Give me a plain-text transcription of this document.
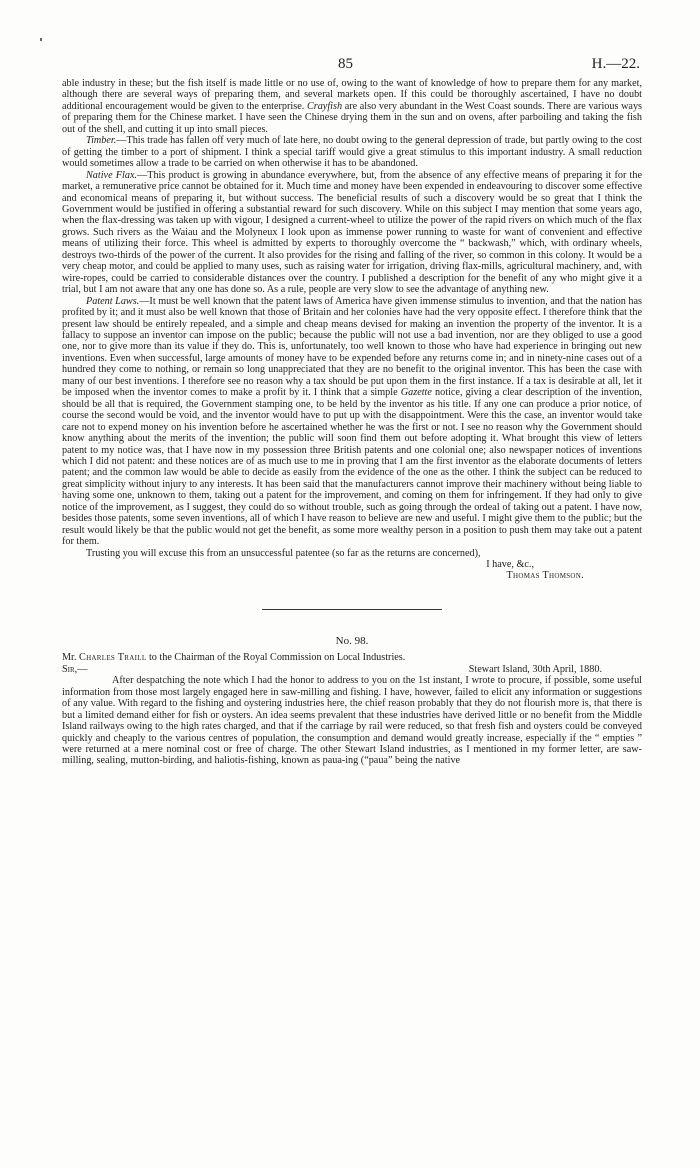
85	H.—22.

able industry in these; but the fish itself is made little or no use of, owing to the want of knowledge of how to prepare them for any market, although there are several ways of preparing them, and several markets open. If this could be thoroughly ascertained, I have no doubt additional encouragement would be given to the enterprise. Crayfish are also very abundant in the West Coast sounds. There are various ways of preparing them for the Chinese market. I have seen the Chinese drying them in the sun and on ovens, after parboiling and taking the fish out of the shell, and cutting it up into small pieces.

Timber.—This trade has fallen off very much of late here, no doubt owing to the general depression of trade, but partly owing to the cost of getting the timber to a port of shipment. I think a special tariff would give a great stimulus to this important industry. A small reduction would sometimes allow a trade to be carried on when otherwise it has to be abandoned.

Native Flax.—This product is growing in abundance everywhere, but, from the absence of any effective means of preparing it for the market, a remunerative price cannot be obtained for it. Much time and money have been expended in endeavouring to discover some effective and economical means of preparing it, but without success. The beneficial results of such a discovery would be so great that I think the Government would be justified in offering a substantial reward for such discovery. While on this subject I may mention that some years ago, when the flax-dressing was taken up with vigour, I designed a current-wheel to utilize the power of the rapid rivers on which much of the flax grows. Such rivers as the Waiau and the Molyneux I look upon as immense power running to waste for want of convenient and effective means of utilizing their force. This wheel is admitted by experts to thoroughly overcome the “ backwash,” which, with ordinary wheels, destroys two-thirds of the power of the current. It also provides for the rising and falling of the river, so common in this colony. It would be a very cheap motor, and could be applied to many uses, such as raising water for irrigation, driving flax-mills, agricultural machinery, and, with wire-ropes, could be carried to considerable distances over the country. I published a description for the benefit of any who might give it a trial, but I am not aware that any one has done so. As a rule, people are very slow to see the advantage of anything new.

Patent Laws.—It must be well known that the patent laws of America have given immense stimulus to invention, and that the nation has profited by it; and it must also be well known that those of Britain and her colonies have had the very opposite effect. I therefore think that the present law should be entirely repealed, and a simple and cheap means devised for making an invention the property of the inventor. It is a fallacy to suppose an inventor can impose on the public; because the public will not use a bad invention, nor are they obliged to use a good one, nor to give more than its value if they do. This is, unfortunately, too well known to those who have had experience in bringing out new inventions. Even when successful, large amounts of money have to be expended before any returns come in; and in ninety-nine cases out of a hundred they come to nothing, or remain so long unappreciated that they are no benefit to the original inventor. This has been the case with many of our best inventions. I therefore see no reason why a tax should be put upon them in the first instance. If a tax is desirable at all, let it be imposed when the inventor comes to make a profit by it. I think that a simple Gazette notice, giving a clear description of the invention, should be all that is required, the Government stamping one, to be held by the inventor as his title. If any one can produce a prior notice, of course the second would be void, and the inventor would have to put up with the disappointment. Were this the case, an inventor would take care not to expend money on his invention before he ascertained whether he was the first or not. I see no reason why the Government should know anything about the merits of the invention; the public will soon find them out before adopting it. What brought this view of letters patent to my notice was, that I have now in my possession three British patents and one colonial one; also newspaper notices of inventions which I did not patent: and these notices are of as much use to me in proving that I am the first inventor as the elaborate documents of letters patent; and the common law would be able to decide as easily from the evidence of the one as the other. I think the subject can be reduced to great simplicity without injury to any interests. It has been said that the manufacturers cannot improve their machinery without being liable to having some one, unknown to them, taking out a patent for the improvement, and coming on them for infringement. If they had only to give notice of the improvement, as I suggest, they could do so without trouble, such as going through the ordeal of taking out a patent. I have now, besides those patents, some seven inventions, all of which I have reason to believe are new and useful. I might give them to the public; but the result would likely be that the public would not get the benefit, as some more wealthy person in a position to push them may take out a patent for them.

Trusting you will excuse this from an unsuccessful patentee (so far as the returns are concerned),
I have, &c.,
Thomas Thomson.
No. 98.

Mr. Charles Traill to the Chairman of the Royal Commission on Local Industries.

Sir,—	Stewart Island, 30th April, 1880.

After despatching the note which I had the honor to address to you on the 1st instant, I wrote to procure, if possible, some useful information from those most largely engaged here in saw-milling and fishing. I have, however, failed to elicit any information or suggestions of any value. With regard to the fishing and oystering industries here, the chief reason probably that they do not flourish more is, that there is but a limited demand either for fish or oysters. An idea seems prevalent that these industries have derived little or no benefit from the Middle Island railways owing to the high rates charged, and that if the carriage by rail were reduced, so that fresh fish and oysters could be conveyed quickly and cheaply to the various centres of population, the consumption and demand would greatly increase, especially if the “ empties ” were returned at a mere nominal cost or free of charge. The other Stewart Island industries, as I mentioned in my former letter, are saw-milling, sealing, mutton-birding, and haliotis-fishing, known as paua-ing (“paua” being the native
